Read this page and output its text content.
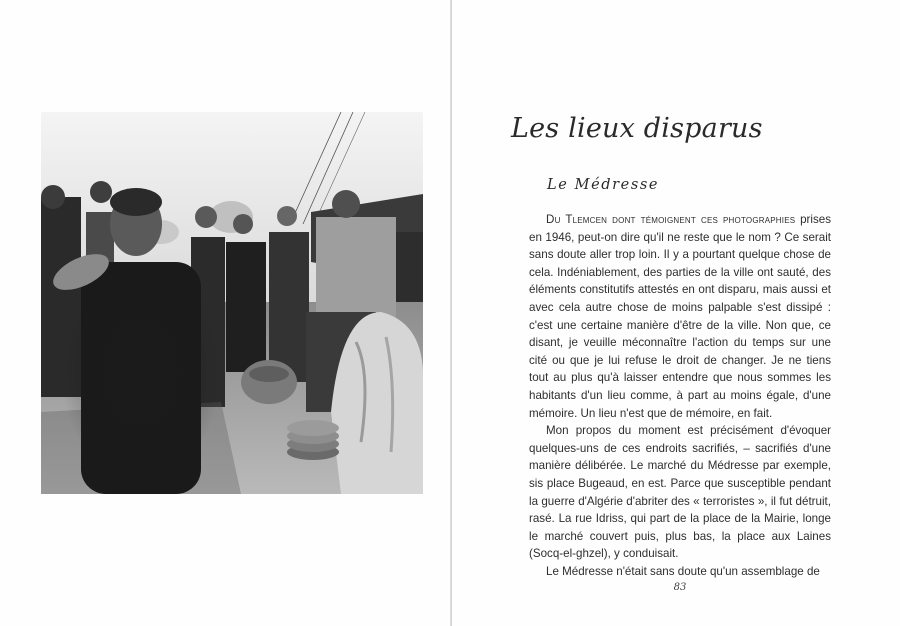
Les lieux disparus
Le Médresse

Du Tlemcen dont témoignent ces photographies prises en 1946, peut-on dire qu'il ne reste que le nom ? Ce serait sans doute aller trop loin. Il y a pourtant quelque chose de cela. Indéniablement, des parties de la ville ont sauté, des éléments constitutifs attestés en ont disparu, mais aussi et avec cela autre chose de moins palpable s'est dissipé : c'est une certaine manière d'être de la ville. Non que, ce disant, je veuille méconnaître l'action du temps sur une cité ou que je lui refuse le droit de changer. Je ne tiens tout au plus qu'à laisser entendre que nous sommes les habitants d'un lieu comme, à part au moins égale, d'une mémoire. Un lieu n'est que de mémoire, en fait.

Mon propos du moment est précisément d'évoquer quelques-uns de ces endroits sacrifiés, – sacrifiés d'une manière délibérée. Le marché du Médresse par exemple, sis place Bugeaud, en est. Parce que susceptible pendant la guerre d'Algérie d'abriter des « terroristes », il fut détruit, rasé. La rue Idriss, qui part de la place de la Mairie, longe le marché couvert puis, plus bas, la place aux Laines (Socq-el-ghzel), y conduisait.

Le Médresse n'était sans doute qu'un assemblage de

83
